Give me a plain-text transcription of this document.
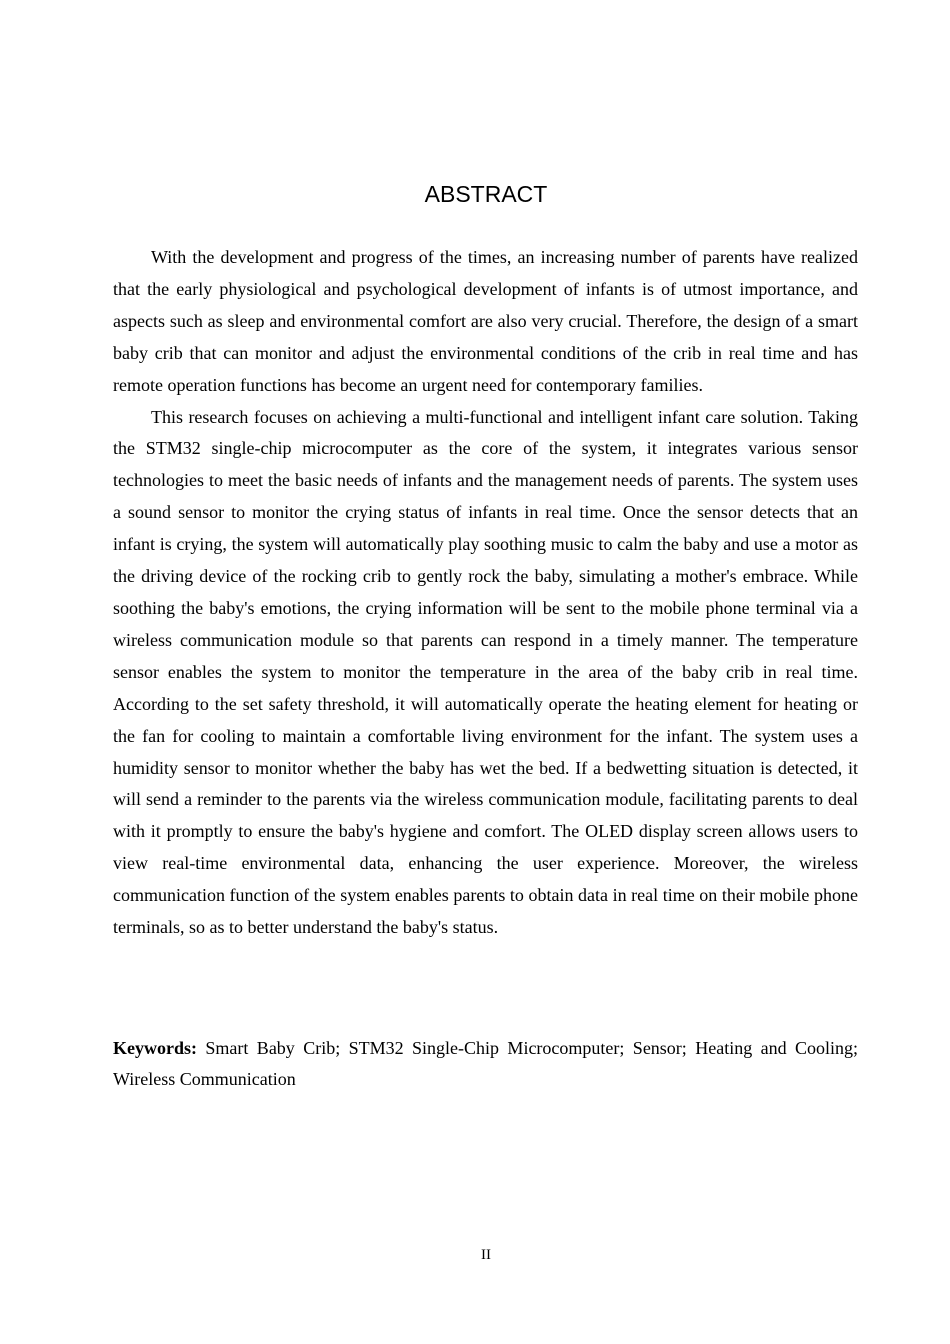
ABSTRACT

With the development and progress of the times, an increasing number of parents have realized that the early physiological and psychological development of infants is of utmost importance, and aspects such as sleep and environmental comfort are also very crucial. Therefore, the design of a smart baby crib that can monitor and adjust the environmental conditions of the crib in real time and has remote operation functions has become an urgent need for contemporary families.

This research focuses on achieving a multi-functional and intelligent infant care solution. Taking the STM32 single-chip microcomputer as the core of the system, it integrates various sensor technologies to meet the basic needs of infants and the management needs of parents. The system uses a sound sensor to monitor the crying status of infants in real time. Once the sensor detects that an infant is crying, the system will automatically play soothing music to calm the baby and use a motor as the driving device of the rocking crib to gently rock the baby, simulating a mother's embrace. While soothing the baby's emotions, the crying information will be sent to the mobile phone terminal via a wireless communication module so that parents can respond in a timely manner. The temperature sensor enables the system to monitor the temperature in the area of the baby crib in real time. According to the set safety threshold, it will automatically operate the heating element for heating or the fan for cooling to maintain a comfortable living environment for the infant. The system uses a humidity sensor to monitor whether the baby has wet the bed. If a bedwetting situation is detected, it will send a reminder to the parents via the wireless communication module, facilitating parents to deal with it promptly to ensure the baby's hygiene and comfort. The OLED display screen allows users to view real-time environmental data, enhancing the user experience. Moreover, the wireless communication function of the system enables parents to obtain data in real time on their mobile phone terminals, so as to better understand the baby's status.

Keywords: Smart Baby Crib; STM32 Single-Chip Microcomputer; Sensor; Heating and Cooling; Wireless Communication

II
